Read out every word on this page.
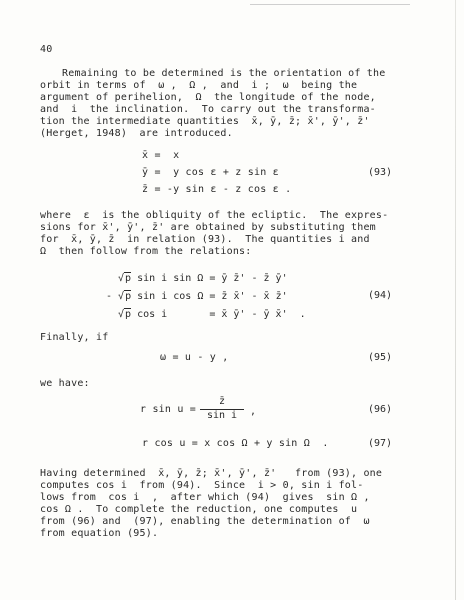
40
Remaining to be determined is the orientation of the
orbit in terms of  ω ,  Ω ,  and  i ;  ω  being the
argument of perihelion,  Ω  the longitude of the node,
and  i  the inclination.  To carry out the transforma-
tion the intermediate quantities  x̄, ȳ, z̄; x̄', ȳ', z̄'
(Herget, 1948)  are introduced.
x̄ =  x
ȳ =  y cos ε + z sin ε
z̄ = -y sin ε - z cos ε .
(93)
where  ε  is the obliquity of the ecliptic.  The expres-
sions for x̄', ȳ', z̄' are obtained by substituting them
for  x̄, ȳ, z̄  in relation (93).  The quantities i and
Ω  then follow from the relations:
√p sin i sin Ω = ȳ z̄' - z̄ ȳ'
- √p sin i cos Ω = z̄ x̄' - x̄ z̄'
√p cos i       = x̄ ȳ' - ȳ x̄'  .
(94)
Finally, if
ω = u - y ,	(95)
we have:
r $\sin u = \frac{z̄}{\text{sin i}}$ ,	(96)
r cos u = x cos Ω + y sin Ω  .	(97)
Having determined  x̄, ȳ, z̄; x̄', ȳ', z̄'   from (93), one
computes cos i  from (94).  Since  i > 0, sin i fol-
lows from  cos i  ,  after which (94)  gives  sin Ω ,
cos Ω .  To complete the reduction, one computes  u
from (96) and  (97), enabling the determination of  ω
from equation (95).
